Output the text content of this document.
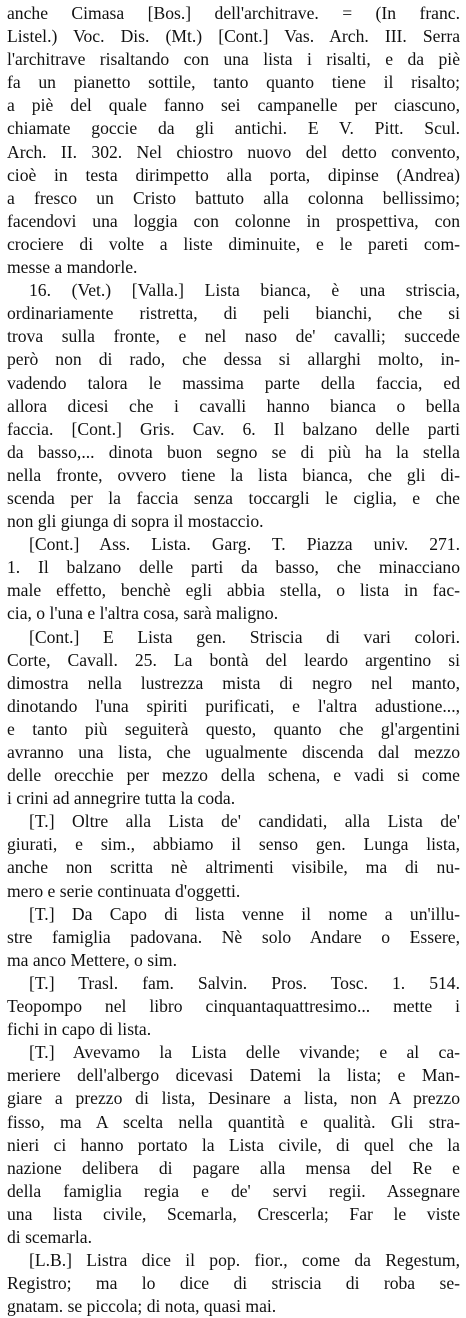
anche Cimasa [Bos.] dell'architrave. = (In franc.
Listel.) Voc. Dis. (Mt.) [Cont.] Vas. Arch. III. Serra
l'architrave risaltando con una lista i risalti, e da piè
fa un pianetto sottile, tanto quanto tiene il risalto;
a piè del quale fanno sei campanelle per ciascuno,
chiamate goccie da gli antichi. E V. Pitt. Scul.
Arch. II. 302. Nel chiostro nuovo del detto convento,
cioè in testa dirimpetto alla porta, dipinse (Andrea)
a fresco un Cristo battuto alla colonna bellissimo;
facendovi una loggia con colonne in prospettiva, con
crociere di volte a liste diminuite, e le pareti com-
messe a mandorle.
16. (Vet.) [Valla.] Lista bianca, è una striscia,
ordinariamente ristretta, di peli bianchi, che si
trova sulla fronte, e nel naso de' cavalli; succede
però non di rado, che dessa si allarghi molto, in-
vadendo talora le massima parte della faccia, ed
allora dicesi che i cavalli hanno bianca o bella
faccia. [Cont.] Gris. Cav. 6. Il balzano delle parti
da basso,... dinota buon segno se di più ha la stella
nella fronte, ovvero tiene la lista bianca, che gli di-
scenda per la faccia senza toccargli le ciglia, e che
non gli giunga di sopra il mostaccio.
[Cont.] Ass. Lista. Garg. T. Piazza univ. 271.
1. Il balzano delle parti da basso, che minacciano
male effetto, benchè egli abbia stella, o lista in fac-
cia, o l'una e l'altra cosa, sarà maligno.
[Cont.] E Lista gen. Striscia di vari colori.
Corte, Cavall. 25. La bontà del leardo argentino si
dimostra nella lustrezza mista di negro nel manto,
dinotando l'una spiriti purificati, e l'altra adustione...,
e tanto più seguiterà questo, quanto che gl'argentini
avranno una lista, che ugualmente discenda dal mezzo
delle orecchie per mezzo della schena, e vadi si come
i crini ad annegrire tutta la coda.
[T.] Oltre alla Lista de' candidati, alla Lista de'
giurati, e sim., abbiamo il senso gen. Lunga lista,
anche non scritta nè altrimenti visibile, ma di nu-
mero e serie continuata d'oggetti.
[T.] Da Capo di lista venne il nome a un'illu-
stre famiglia padovana. Nè solo Andare o Essere,
ma anco Mettere, o sim.
[T.] Trasl. fam. Salvin. Pros. Tosc. 1. 514.
Teopompo nel libro cinquantaquattresimo... mette i
fichi in capo di lista.
[T.] Avevamo la Lista delle vivande; e al ca-
meriere dell'albergo dicevasi Datemi la lista; e Man-
giare a prezzo di lista, Desinare a lista, non A prezzo
fisso, ma A scelta nella quantità e qualità. Gli stra-
nieri ci hanno portato la Lista civile, di quel che la
nazione delibera di pagare alla mensa del Re e
della famiglia regia e de' servi regii. Assegnare
una lista civile, Scemarla, Crescerla; Far le viste
di scemarla.
[L.B.] Listra dice il pop. fior., come da Regestum,
Registro; ma lo dice di striscia di roba se-
gnatam. se piccola; di nota, quasi mai.
